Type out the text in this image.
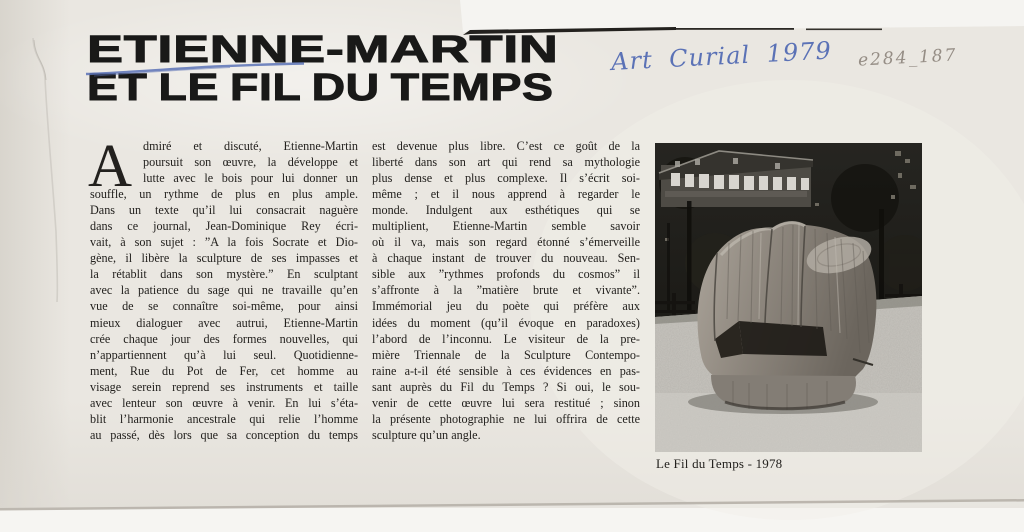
ETIENNE-MARTIN
ET LE FIL DU TEMPS
Art Curial 1979 e284_187
A dmiré et discuté, Etienne-Martin
poursuit son œuvre, la développe et
lutte avec le bois pour lui donner un
souffle, un rythme de plus en plus ample.
Dans un texte qu’il lui consacrait naguère
dans ce journal, Jean-Dominique Rey écri-
vait, à son sujet : ”A la fois Socrate et Dio-
gène, il libère la sculpture de ses impasses et
la rétablit dans son mystère.” En sculptant
avec la patience du sage qui ne travaille qu’en
vue de se connaître soi-même, pour ainsi
mieux dialoguer avec autrui, Etienne-Martin
crée chaque jour des formes nouvelles, qui
n’appartiennent qu’à lui seul. Quotidienne-
ment, Rue du Pot de Fer, cet homme au
visage serein reprend ses instruments et taille
avec lenteur son œuvre à venir. En lui s’éta-
blit l’harmonie ancestrale qui relie l’homme
au passé, dès lors que sa conception du temps
est devenue plus libre. C’est ce goût de la
liberté dans son art qui rend sa mythologie
plus dense et plus complexe. Il s’écrit soi-
même ; et il nous apprend à regarder le
monde. Indulgent aux esthétiques qui se
multiplient, Etienne-Martin semble savoir
où il va, mais son regard étonné s’émerveille
à chaque instant de trouver du nouveau. Sen-
sible aux ”rythmes profonds du cosmos” il
s’affronte à la ”matière brute et vivante”.
Immémorial jeu du poète qui préfère aux
idées du moment (qu’il évoque en paradoxes)
l’abord de l’inconnu. Le visiteur de la pre-
mière Triennale de la Sculpture Contempo-
raine a-t-il été sensible à ces évidences en pas-
sant auprès du Fil du Temps ? Si oui, le sou-
venir de cette œuvre lui sera restitué ; sinon
la présente photographie ne lui offrira de cette
sculpture qu’un angle.
Le Fil du Temps - 1978
